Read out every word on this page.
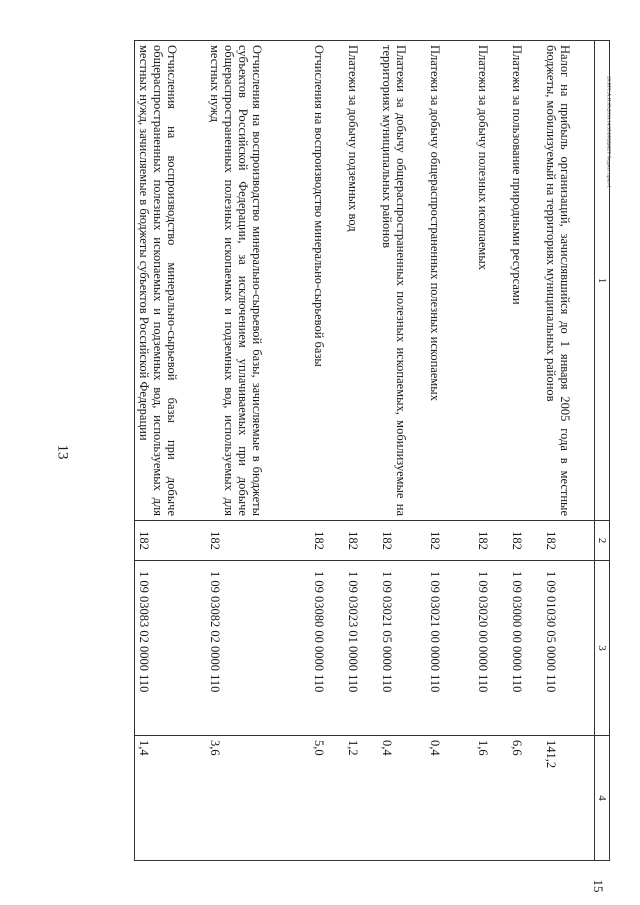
13
15
20.БТС.А.И.05.2016.14.55\БЮДЖЕТ бюджет прил-1
1	2	3	4
Налог на прибыль организаций, зачислявшийся до 1 января 2005 года в местные бюджеты, мобилизуемый на территориях муниципальных районов	182	1 09 01030 05 0000 110	141,2
Платежи за пользование природными ресурсами	182	1 09 03000 00 0000 110	6,6
Платежи за добычу полезных ископаемых	182	1 09 03020 00 0000 110	1,6
Платежи за добычу общераспространенных полезных ископаемых	182	1 09 03021 00 0000 110	0,4
Платежи за добычу общераспространенных полезных ископаемых, мобилизуемые на территориях муниципальных районов	182	1 09 03021 05 0000 110	0,4
Платежи за добычу подземных вод	182	1 09 03023 01 0000 110	1,2
Отчисления на воспроизводство минерально-сырьевой базы	182	1 09 03080 00 0000 110	5,0
Отчисления на воспроизводство минерально-сырьевой базы, зачисляемые в бюджеты субъектов Российской Федерации, за исключением уплачиваемых при добыче общераспространенных полезных ископаемых и подземных вод, используемых для местных нужд	182	1 09 03082 02 0000 110	3,6
Отчисления на воспроизводство минерально-сырьевой базы при добыче общераспространенных полезных ископаемых и подземных вод, используемых для местных нужд, зачисляемые в бюджеты субъектов Российской Федерации	182	1 09 03083 02 0000 110	1,4
